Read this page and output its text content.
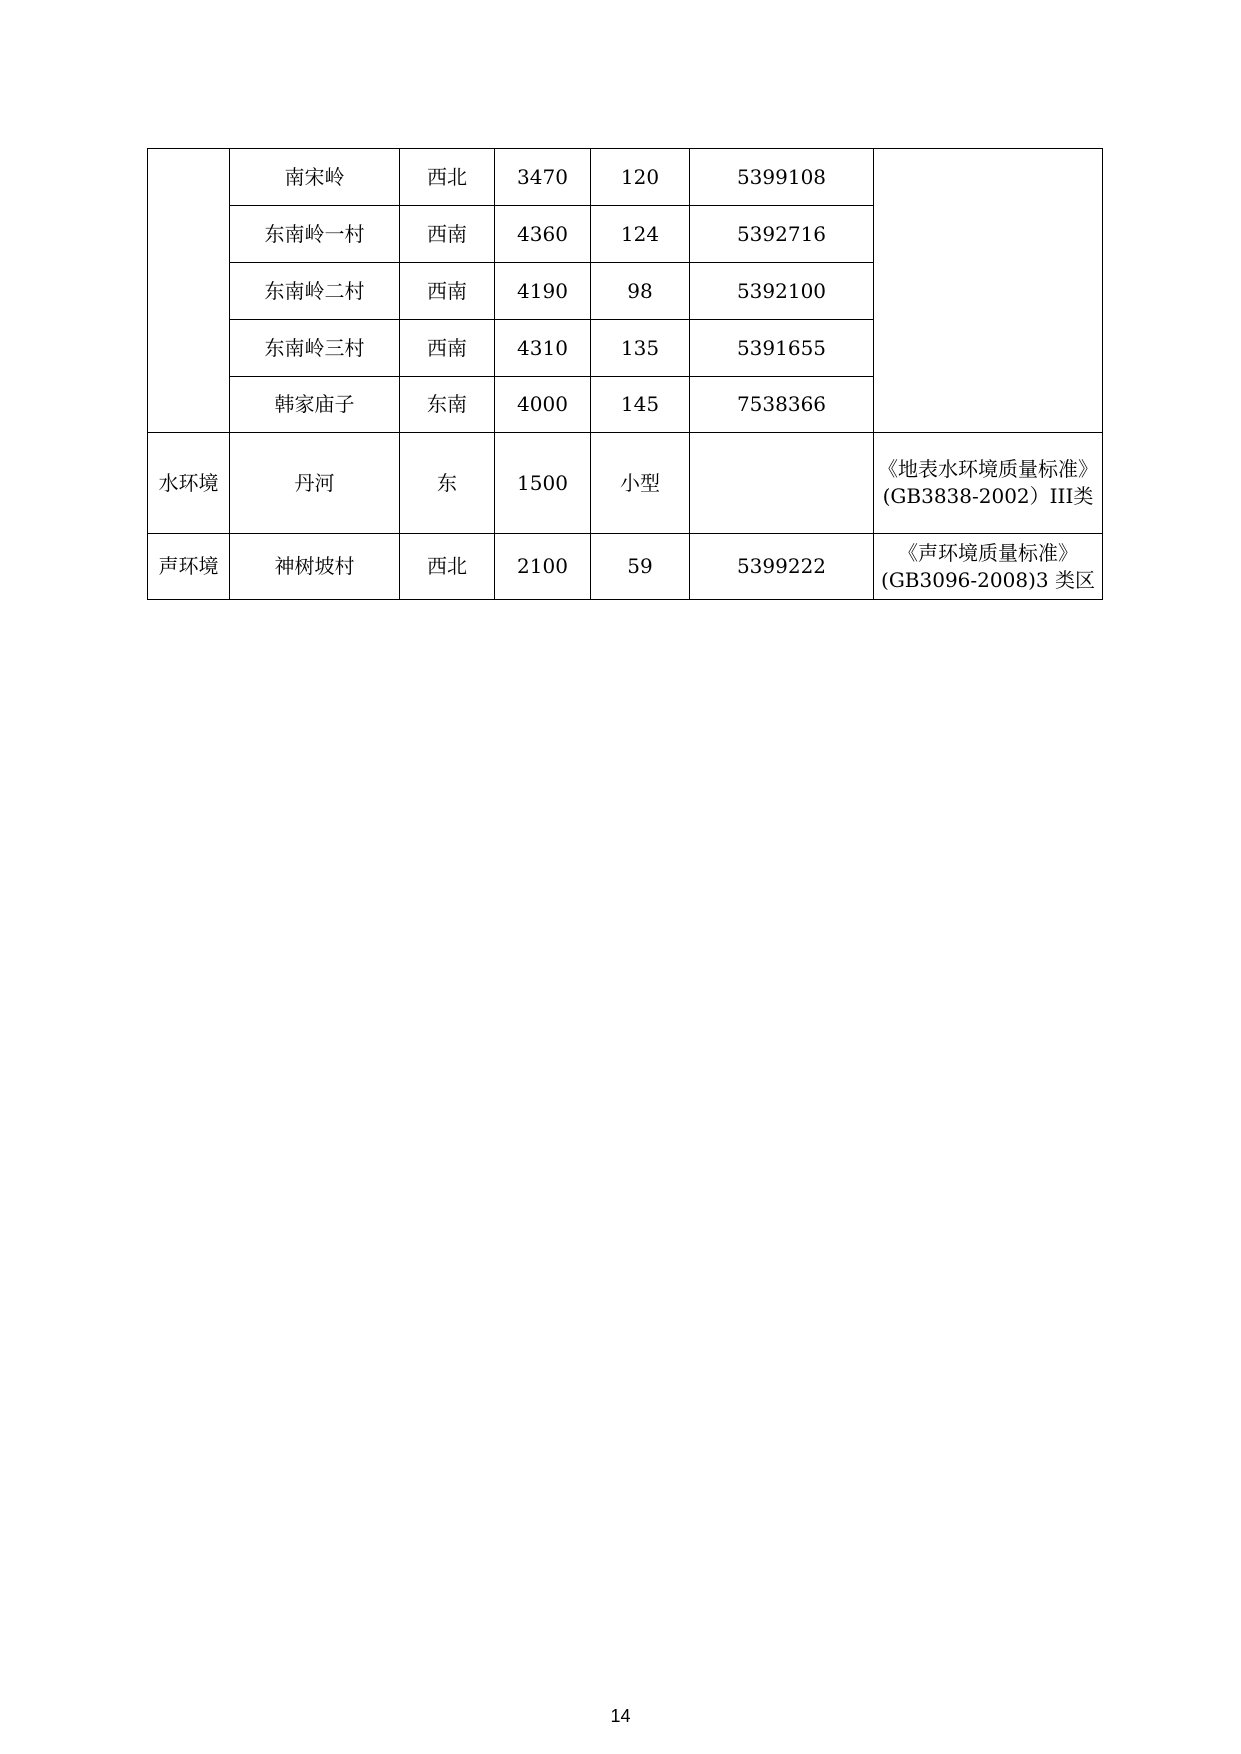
	南宋岭	西北	3470	120	5399108	
	东南岭一村	西南	4360	124	5392716	
	东南岭二村	西南	4190	98	5392100	
	东南岭三村	西南	4310	135	5391655	
	韩家庙子	东南	4000	145	7538366	
水环境	丹河	东	1500	小型		《地表水环境质量标准》(GB3838-2002）III类
声环境	神树坡村	西北	2100	59	5399222	《声环境质量标准》(GB3096-2008)3 类区
14
